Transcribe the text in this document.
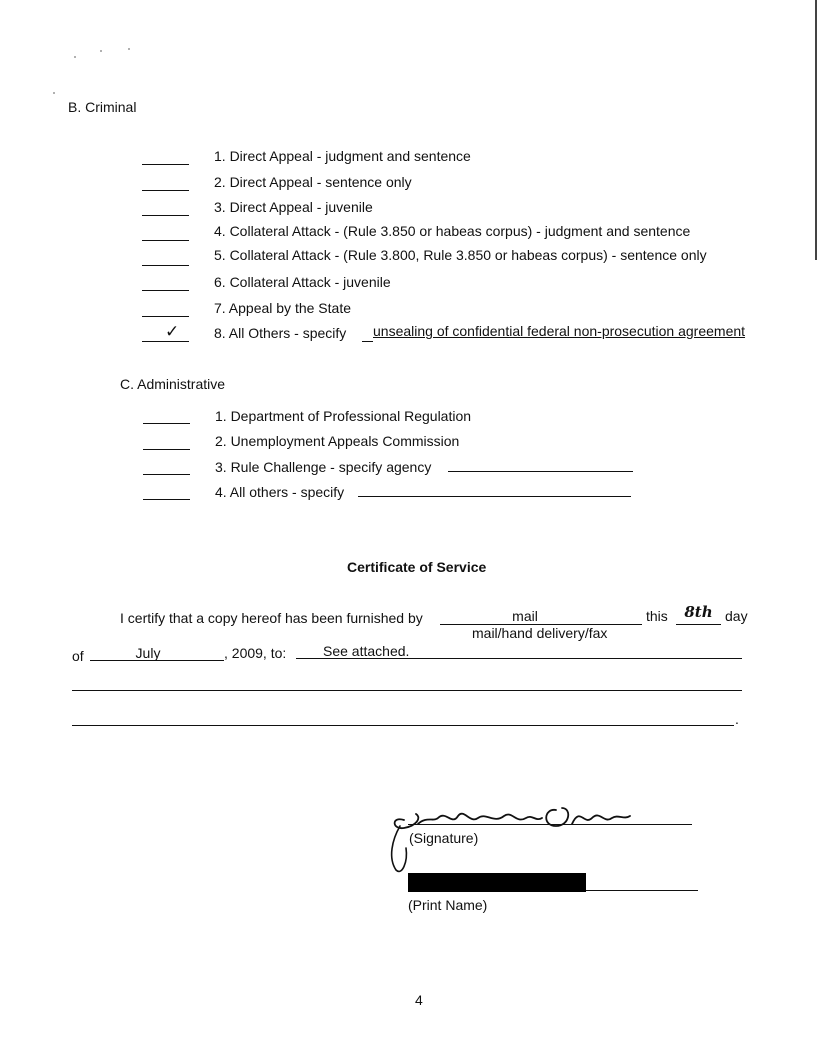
B. Criminal
1. Direct Appeal - judgment and sentence
2. Direct Appeal - sentence only
3. Direct Appeal - juvenile
4. Collateral Attack - (Rule 3.850 or habeas corpus) - judgment and sentence
5. Collateral Attack - (Rule 3.800, Rule 3.850 or habeas corpus) - sentence only
6. Collateral Attack - juvenile
7. Appeal by the State
✓ 8. All Others - specify unsealing of confidential federal non-prosecution agreement
C. Administrative
1. Department of Professional Regulation
2. Unemployment Appeals Commission
3. Rule Challenge - specify agency
4. All others - specify
Certificate of Service
I certify that a copy hereof has been furnished by	mail
mail/hand delivery/fax
this	8th day
of	July	, 2009, to:	See attached.
.
(Signature)
(Print Name)
4
